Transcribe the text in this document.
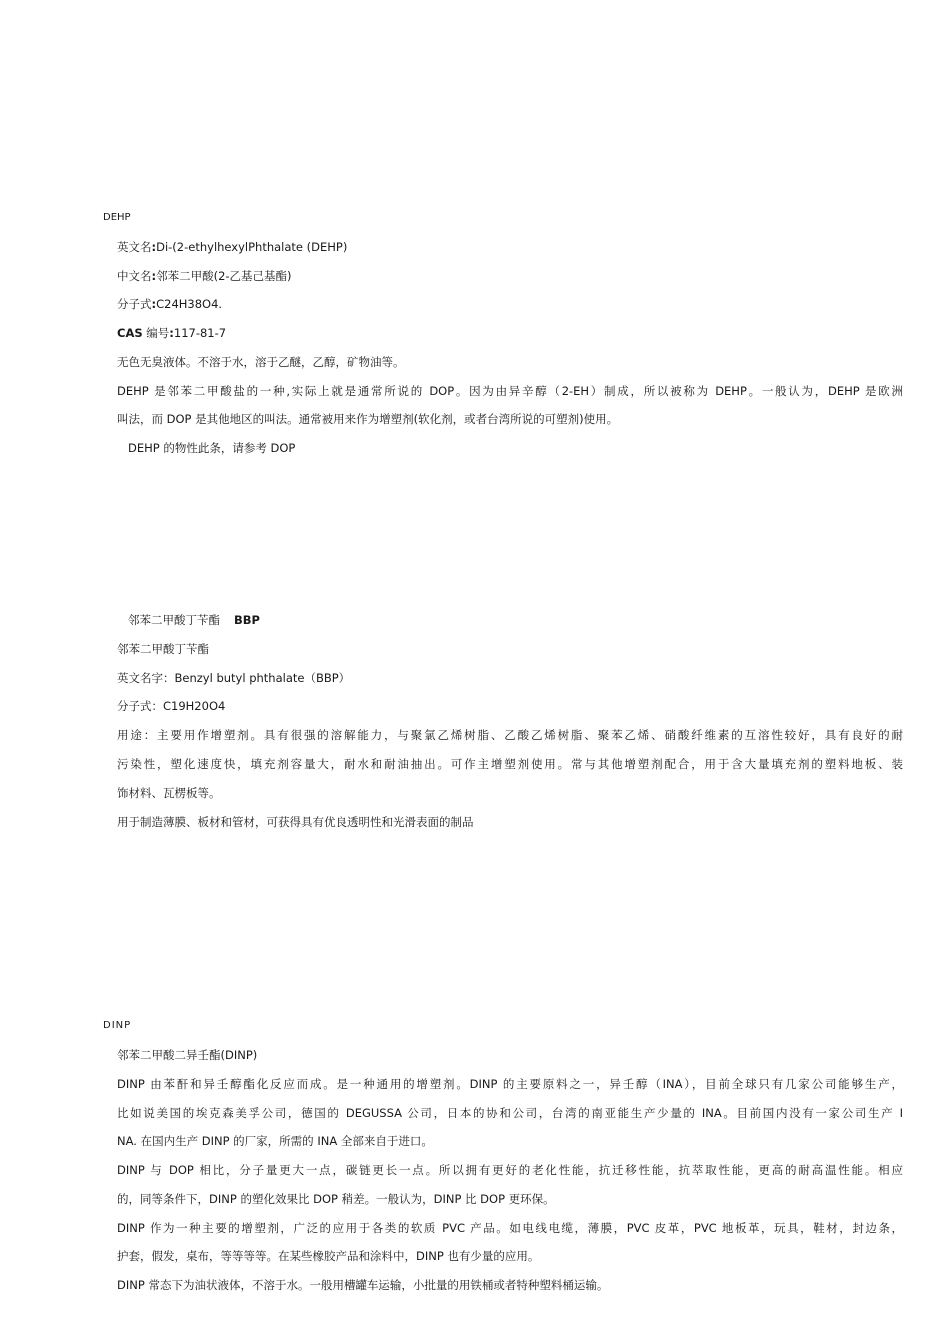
DEHP
英文名:Di-(2-ethylhexylPhthalate (DEHP)
中文名:邻苯二甲酸(2-乙基己基酯)
分子式:C24H38O4.
CAS 编号:117-81-7
无色无臭液体。不溶于水，溶于乙醚，乙醇，矿物油等。
DEHP 是邻苯二甲酸盐的一种,实际上就是通常所说的 DOP。因为由异辛醇（2-EH）制成，所以被称为 DEHP。一般认为，DEHP 是欧洲
叫法，而 DOP 是其他地区的叫法。通常被用来作为增塑剂(软化剂，或者台湾所说的可塑剂)使用。
DEHP 的物性此条，请参考 DOP
邻苯二甲酸丁苄酯 BBP
邻苯二甲酸丁苄酯
英文名字：Benzyl butyl phthalate（BBP）
分子式：C19H20O4
用途：主要用作增塑剂。具有很强的溶解能力，与聚氯乙烯树脂、乙酸乙烯树脂、聚苯乙烯、硝酸纤维素的互溶性较好，具有良好的耐
污染性，塑化速度快，填充剂容量大，耐水和耐油抽出。可作主增塑剂使用。常与其他增塑剂配合，用于含大量填充剂的塑料地板、装
饰材料、瓦楞板等。
用于制造薄膜、板材和管材，可获得具有优良透明性和光滑表面的制品
DINP
邻苯二甲酸二异壬酯(DINP)
DINP 由苯酐和异壬醇酯化反应而成。是一种通用的增塑剂。DINP 的主要原料之一，异壬醇（INA），目前全球只有几家公司能够生产，
比如说美国的埃克森美孚公司，德国的 DEGUSSA 公司，日本的协和公司，台湾的南亚能生产少量的 INA。目前国内没有一家公司生产 I
NA. 在国内生产 DINP 的厂家，所需的 INA 全部来自于进口。
DINP 与 DOP 相比，分子量更大一点，碳链更长一点。所以拥有更好的老化性能，抗迁移性能，抗萃取性能，更高的耐高温性能。相应
的，同等条件下，DINP 的塑化效果比 DOP 稍差。一般认为，DINP 比 DOP 更环保。
DINP 作为一种主要的增塑剂，广泛的应用于各类的软质 PVC 产品。如电线电缆，薄膜，PVC 皮革，PVC 地板革，玩具，鞋材，封边条，
护套，假发，桌布，等等等等。在某些橡胶产品和涂料中，DINP 也有少量的应用。
DINP 常态下为油状液体，不溶于水。一般用槽罐车运输，小批量的用铁桶或者特种塑料桶运输。
